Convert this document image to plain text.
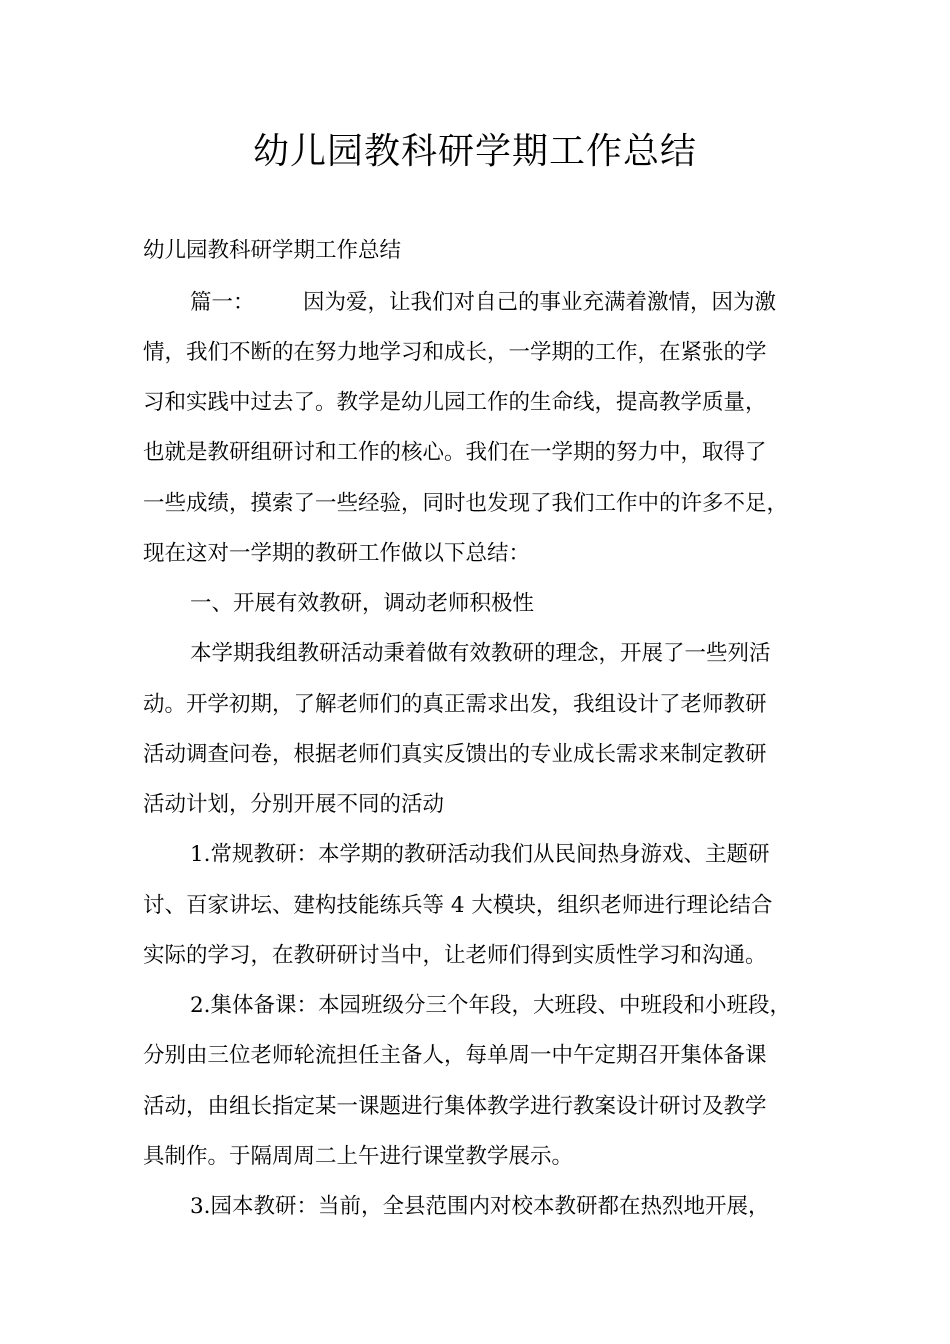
幼儿园教科研学期工作总结

幼儿园教科研学期工作总结

篇一： 因为爱，让我们对自己的事业充满着激情，因为激

情，我们不断的在努力地学习和成长，一学期的工作，在紧张的学

习和实践中过去了。教学是幼儿园工作的生命线，提高教学质量，

也就是教研组研讨和工作的核心。我们在一学期的努力中，取得了

一些成绩，摸索了一些经验，同时也发现了我们工作中的许多不足，

现在这对一学期的教研工作做以下总结：

一、开展有效教研，调动老师积极性

本学期我组教研活动秉着做有效教研的理念，开展了一些列活

动。开学初期，了解老师们的真正需求出发，我组设计了老师教研

活动调查问卷，根据老师们真实反馈出的专业成长需求来制定教研

活动计划，分别开展不同的活动

1.常规教研：本学期的教研活动我们从民间热身游戏、主题研

讨、百家讲坛、建构技能练兵等 4 大模块，组织老师进行理论结合

实际的学习，在教研研讨当中，让老师们得到实质性学习和沟通。

2.集体备课：本园班级分三个年段，大班段、中班段和小班段，

分别由三位老师轮流担任主备人，每单周一中午定期召开集体备课

活动，由组长指定某一课题进行集体教学进行教案设计研讨及教学

具制作。于隔周周二上午进行课堂教学展示。

3.园本教研：当前，全县范围内对校本教研都在热烈地开展，
